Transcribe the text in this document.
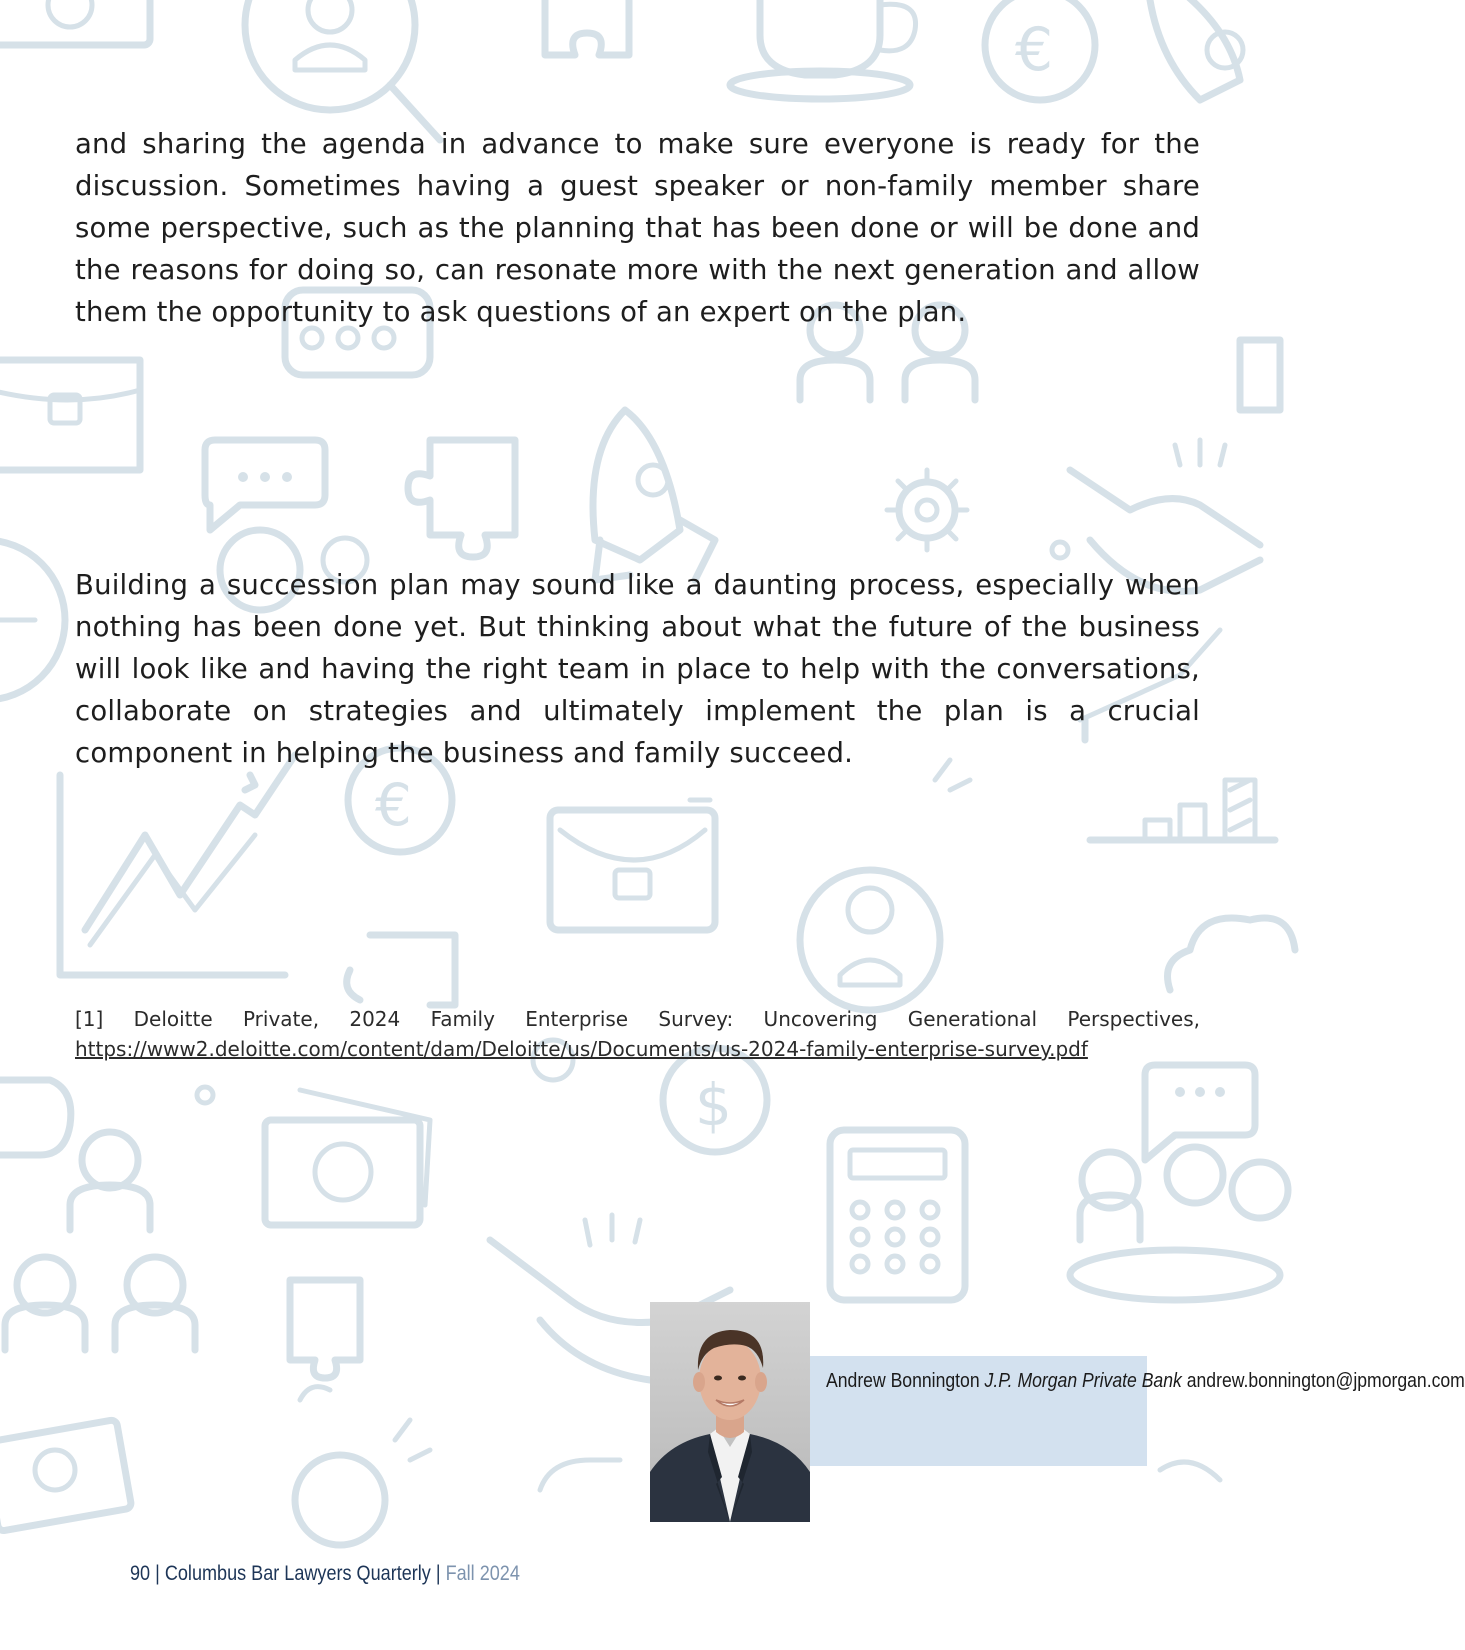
€
€
$
and sharing the agenda in advance to make sure everyone is ready for the discussion. Sometimes having a guest speaker or non-family member share some perspective, such as the planning that has been done or will be done and the reasons for doing so, can resonate more with the next generation and allow them the opportunity to ask questions of an expert on the plan.
Building a succession plan may sound like a daunting process, especially when nothing has been done yet. But thinking about what the future of the business will look like and having the right team in place to help with the conversations, collaborate on strategies and ultimately implement the plan is a crucial component in helping the business and family succeed.
[1] Deloitte Private, 2024 Family Enterprise Survey: Uncovering Generational Perspectives,
https://www2.deloitte.com/content/dam/Deloitte/us/Documents/us-2024-family-enterprise-survey.pdf
Andrew Bonnington J.P. Morgan Private Bank andrew.bonnington@jpmorgan.com
90 | Columbus Bar Lawyers Quarterly | Fall 2024
